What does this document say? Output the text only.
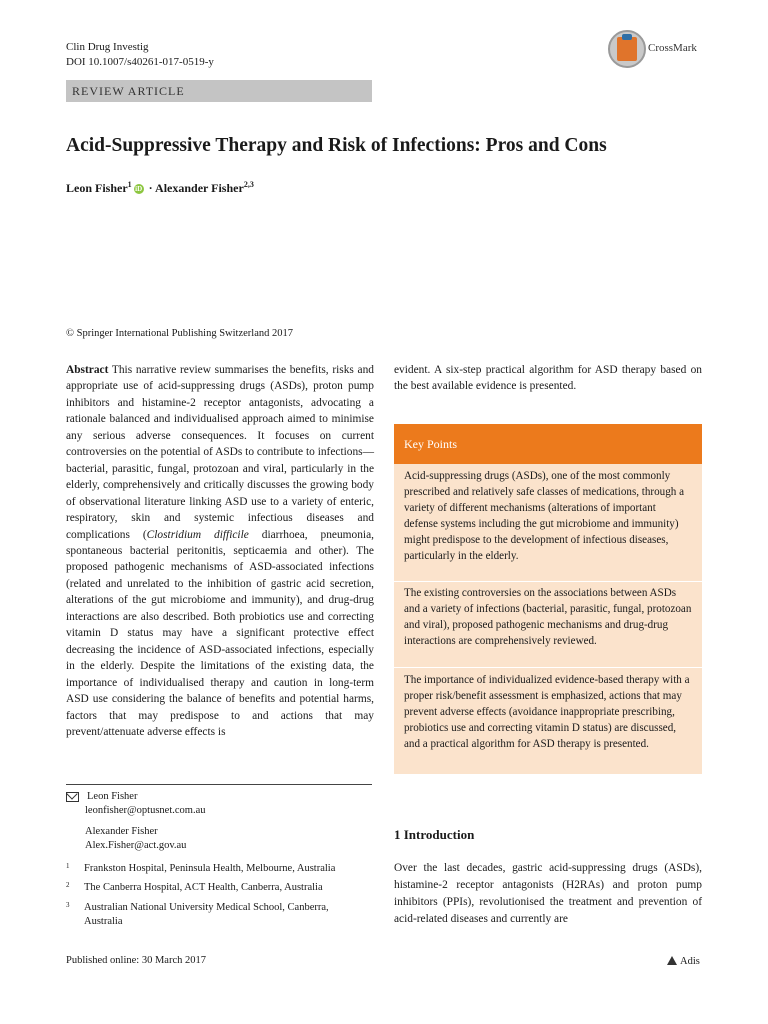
Clin Drug Investig
DOI 10.1007/s40261-017-0519-y
CrossMark
REVIEW ARTICLE
Acid-Suppressive Therapy and Risk of Infections: Pros and Cons
Leon Fisher$^1$iD · Alexander Fisher$^{2,3}$
© Springer International Publishing Switzerland 2017
Abstract This narrative review summarises the benefits, risks and appropriate use of acid-suppressing drugs (ASDs), proton pump inhibitors and histamine-2 receptor antagonists, advocating a rationale balanced and individualised approach aimed to minimise any serious adverse consequences. It focuses on current controversies on the potential of ASDs to contribute to infections—bacterial, parasitic, fungal, protozoan and viral, particularly in the elderly, comprehensively and critically discusses the growing body of observational literature linking ASD use to a variety of enteric, respiratory, skin and systemic infectious diseases and complications (Clostridium difficile diarrhoea, pneumonia, spontaneous bacterial peritonitis, septicaemia and other). The proposed pathogenic mechanisms of ASD-associated infections (related and unrelated to the inhibition of gastric acid secretion, alterations of the gut microbiome and immunity), and drug-drug interactions are also described. Both probiotics use and correcting vitamin D status may have a significant protective effect decreasing the incidence of ASD-associated infections, especially in the elderly. Despite the limitations of the existing data, the importance of individualised therapy and caution in long-term ASD use considering the balance of benefits and potential harms, factors that may predispose to and actions that may prevent/attenuate adverse effects is
evident. A six-step practical algorithm for ASD therapy based on the best available evidence is presented.
Key Points
Acid-suppressing drugs (ASDs), one of the most commonly prescribed and relatively safe classes of medications, through a variety of different mechanisms (alterations of important defense systems including the gut microbiome and immunity) might predispose to the development of infectious diseases, particularly in the elderly.
The existing controversies on the associations between ASDs and a variety of infections (bacterial, parasitic, fungal, protozoan and viral), proposed pathogenic mechanisms and drug-drug interactions are comprehensively reviewed.
The importance of individualized evidence-based therapy with a proper risk/benefit assessment is emphasized, actions that may prevent adverse effects (avoidance inappropriate prescribing, probiotics use and correcting vitamin D status) are discussed, and a practical algorithm for ASD therapy is presented.
Leon Fisher
leonfisher@optusnet.com.au
Alexander Fisher
Alex.Fisher@act.gov.au
1 Frankston Hospital, Peninsula Health, Melbourne, Australia
2 The Canberra Hospital, ACT Health, Canberra, Australia
3 Australian National University Medical School, Canberra, Australia
1 Introduction
Over the last decades, gastric acid-suppressing drugs (ASDs), histamine-2 receptor antagonists (H2RAs) and proton pump inhibitors (PPIs), revolutionised the treatment and prevention of acid-related diseases and currently are
Published online: 30 March 2017	Adis
